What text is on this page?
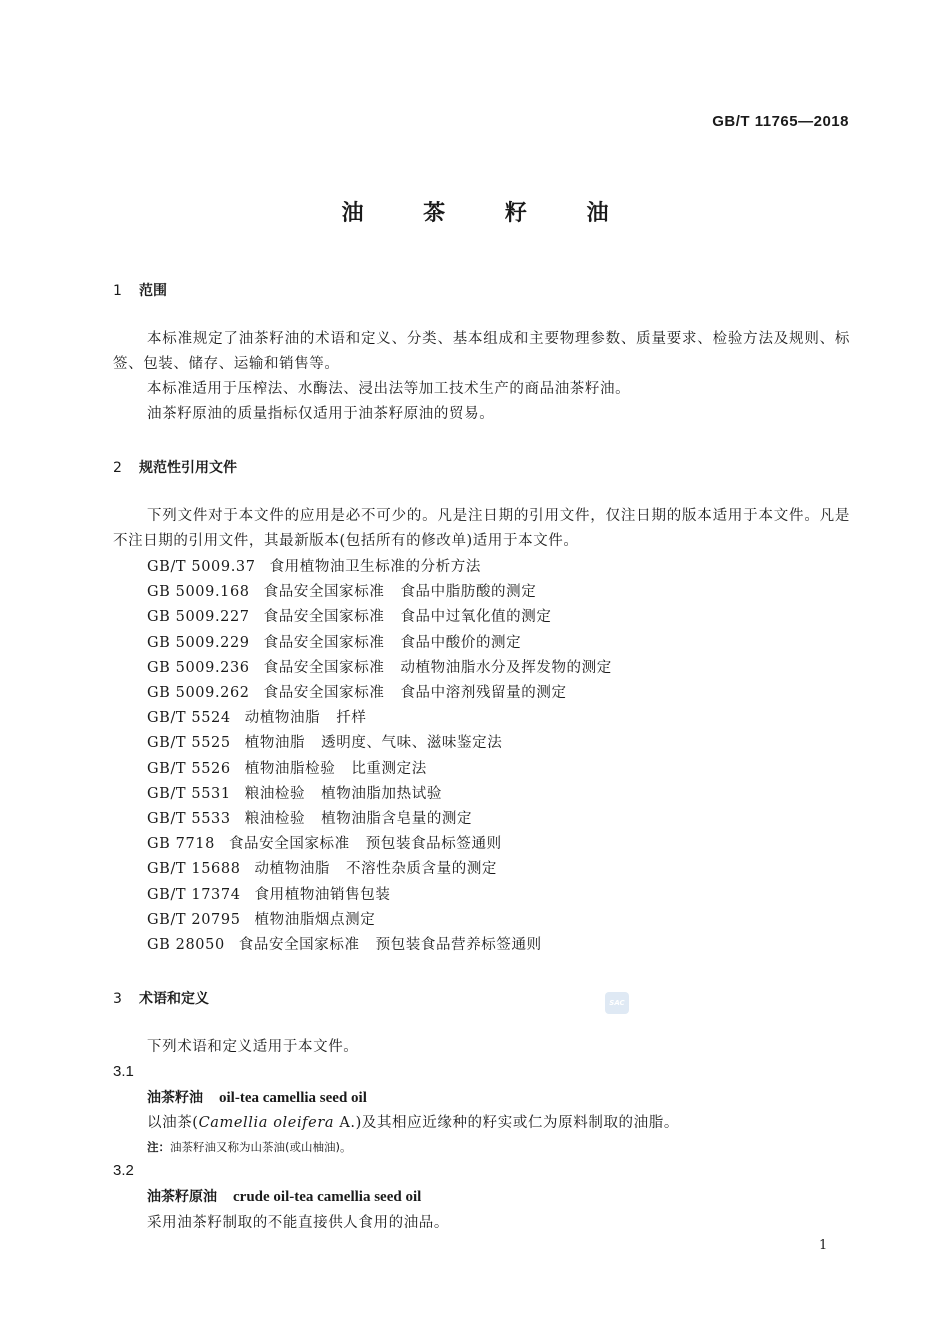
GB/T 11765—2018
油 茶 籽 油
1 范围
本标准规定了油茶籽油的术语和定义、分类、基本组成和主要物理参数、质量要求、检验方法及规则、标签、包装、储存、运输和销售等。
本标准适用于压榨法、水酶法、浸出法等加工技术生产的商品油茶籽油。
油茶籽原油的质量指标仅适用于油茶籽原油的贸易。
2 规范性引用文件
下列文件对于本文件的应用是必不可少的。凡是注日期的引用文件，仅注日期的版本适用于本文件。凡是不注日期的引用文件，其最新版本(包括所有的修改单)适用于本文件。
GB/T 5009.37 食用植物油卫生标准的分析方法
GB 5009.168 食品安全国家标准 食品中脂肪酸的测定
GB 5009.227 食品安全国家标准 食品中过氧化值的测定
GB 5009.229 食品安全国家标准 食品中酸价的测定
GB 5009.236 食品安全国家标准 动植物油脂水分及挥发物的测定
GB 5009.262 食品安全国家标准 食品中溶剂残留量的测定
GB/T 5524 动植物油脂 扦样
GB/T 5525 植物油脂 透明度、气味、滋味鉴定法
GB/T 5526 植物油脂检验 比重测定法
GB/T 5531 粮油检验 植物油脂加热试验
GB/T 5533 粮油检验 植物油脂含皂量的测定
GB 7718 食品安全国家标准 预包装食品标签通则
GB/T 15688 动植物油脂 不溶性杂质含量的测定
GB/T 17374 食用植物油销售包装
GB/T 20795 植物油脂烟点测定
GB 28050 食品安全国家标准 预包装食品营养标签通则
3 术语和定义	SAC
下列术语和定义适用于本文件。
3.1
油茶籽油 oil-tea camellia seed oil
以油茶(Camellia oleifera A.)及其相应近缘种的籽实或仁为原料制取的油脂。
注：油茶籽油又称为山茶油(或山柚油)。
3.2
油茶籽原油 crude oil-tea camellia seed oil
采用油茶籽制取的不能直接供人食用的油品。
1
